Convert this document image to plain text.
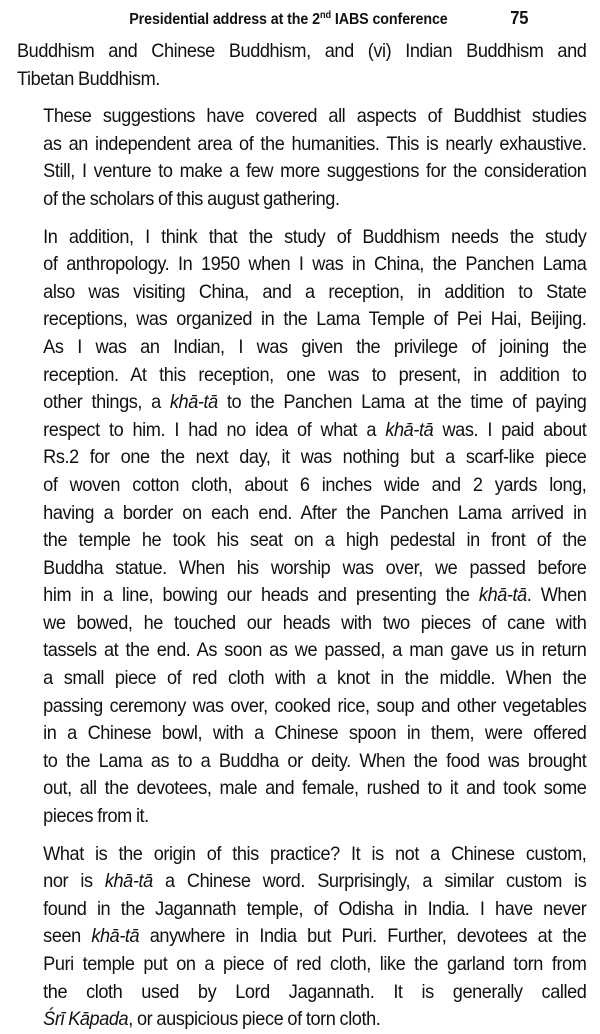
Presidential address at the 2nd IABS conference	75

Buddhism and Chinese Buddhism, and (vi) Indian Buddhism and
Tibetan Buddhism.

These suggestions have covered all aspects of Buddhist studies
as an independent area of the humanities. This is nearly exhaustive.
Still, I venture to make a few more suggestions for the consideration
of the scholars of this august gathering.

In addition, I think that the study of Buddhism needs the study
of anthropology. In 1950 when I was in China, the Panchen Lama
also was visiting China, and a reception, in addition to State
receptions, was organized in the Lama Temple of Pei Hai, Beijing.
As I was an Indian, I was given the privilege of joining the
reception. At this reception, one was to present, in addition to
other things, a khā-tā to the Panchen Lama at the time of paying
respect to him. I had no idea of what a khā-tā was. I paid about
Rs.2 for one the next day, it was nothing but a scarf-like piece
of woven cotton cloth, about 6 inches wide and 2 yards long,
having a border on each end. After the Panchen Lama arrived in
the temple he took his seat on a high pedestal in front of the
Buddha statue. When his worship was over, we passed before
him in a line, bowing our heads and presenting the khā-tā. When
we bowed, he touched our heads with two pieces of cane with
tassels at the end. As soon as we passed, a man gave us in return
a small piece of red cloth with a knot in the middle. When the
passing ceremony was over, cooked rice, soup and other vegetables
in a Chinese bowl, with a Chinese spoon in them, were offered
to the Lama as to a Buddha or deity. When the food was brought
out, all the devotees, male and female, rushed to it and took some
pieces from it.

What is the origin of this practice? It is not a Chinese custom,
nor is khā-tā a Chinese word. Surprisingly, a similar custom is
found in the Jagannath temple, of Odisha in India. I have never
seen khā-tā anywhere in India but Puri. Further, devotees at the
Puri temple put on a piece of red cloth, like the garland torn from
the cloth used by Lord Jagannath. It is generally called
Śrī Kāpada, or auspicious piece of torn cloth.
